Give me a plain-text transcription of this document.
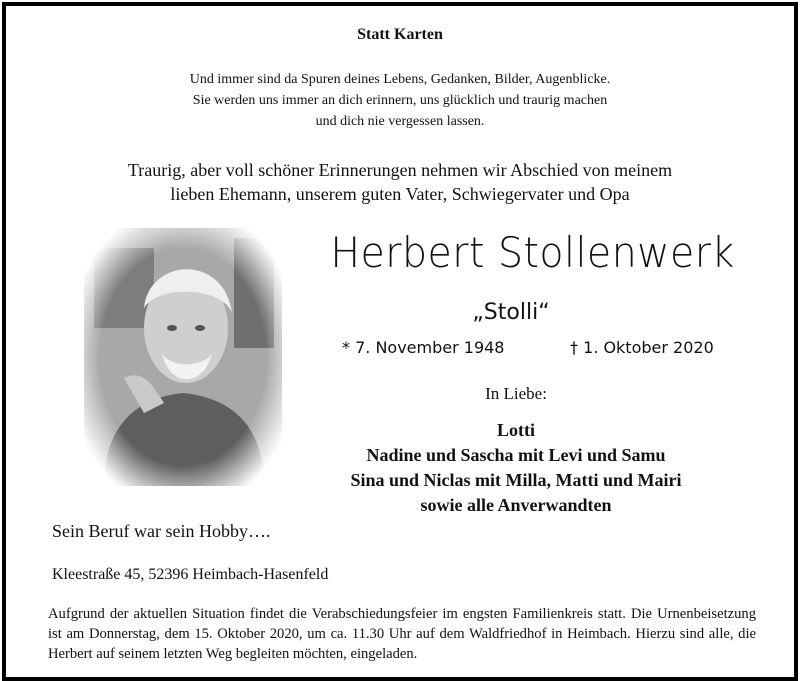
Statt Karten
Und immer sind da Spuren deines Lebens, Gedanken, Bilder, Augenblicke.
Sie werden uns immer an dich erinnern, uns glücklich und traurig machen
und dich nie vergessen lassen.
Traurig, aber voll schöner Erinnerungen nehmen wir Abschied von meinem
lieben Ehemann, unserem guten Vater, Schwiegervater und Opa
Herbert Stollenwerk
„Stolli“
* 7. November 1948	† 1. Oktober 2020
In Liebe:
Lotti
Nadine und Sascha mit Levi und Samu
Sina und Niclas mit Milla, Matti und Mairi
sowie alle Anverwandten
Sein Beruf war sein Hobby….
Kleestraße 45, 52396 Heimbach-Hasenfeld
Aufgrund der aktuellen Situation findet die Verabschiedungsfeier im engsten Familienkreis statt. Die Urnenbeisetzung ist am Donnerstag, dem 15. Oktober 2020, um ca. 11.30 Uhr auf dem Waldfriedhof in Heimbach. Hierzu sind alle, die Herbert auf seinem letzten Weg begleiten möchten, eingeladen.
